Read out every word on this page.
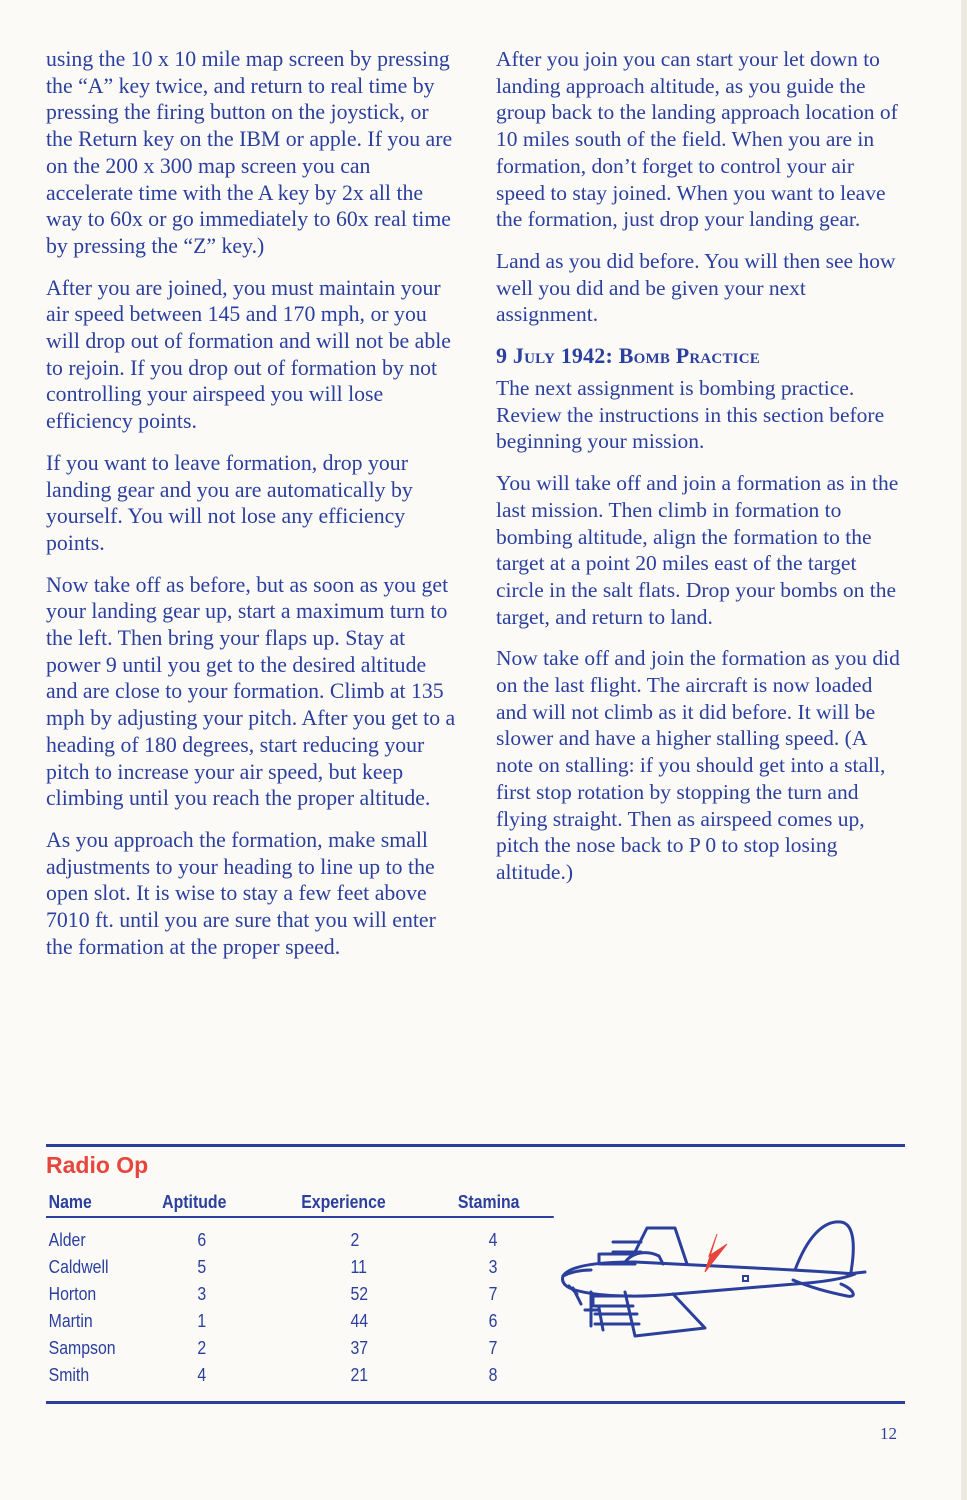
using the 10 x 10 mile map screen by pressing the “A” key twice, and return to real time by pressing the firing button on the joystick, or the Return key on the IBM or apple. If you are on the 200 x 300 map screen you can accelerate time with the A key by 2x all the way to 60x or go immediately to 60x real time by pressing the “Z” key.)

After you are joined, you must maintain your air speed between 145 and 170 mph, or you will drop out of formation and will not be able to rejoin. If you drop out of formation by not controlling your airspeed you will lose efficiency points.

If you want to leave formation, drop your landing gear and you are automatically by yourself. You will not lose any efficiency points.

Now take off as before, but as soon as you get your landing gear up, start a maximum turn to the left. Then bring your flaps up. Stay at power 9 until you get to the desired altitude and are close to your formation. Climb at 135 mph by adjusting your pitch. After you get to a heading of 180 degrees, start reducing your pitch to increase your air speed, but keep climbing until you reach the proper altitude.

As you approach the formation, make small adjustments to your heading to line up to the open slot. It is wise to stay a few feet above 7010 ft. until you are sure that you will enter the formation at the proper speed.

After you join you can start your let down to landing approach altitude, as you guide the group back to the landing approach location of 10 miles south of the field. When you are in formation, don’t forget to control your air speed to stay joined. When you want to leave the formation, just drop your landing gear.

Land as you did before. You will then see how well you did and be given your next assignment.

9 July 1942: Bomb Practice

The next assignment is bombing practice. Review the instructions in this section before beginning your mission.

You will take off and join a formation as in the last mission. Then climb in formation to bombing altitude, align the formation to the target at a point 20 miles east of the target circle in the salt flats. Drop your bombs on the target, and return to land.

Now take off and join the formation as you did on the last flight. The aircraft is now loaded and will not climb as it did before. It will be slower and have a higher stalling speed. (A note on stalling: if you should get into a stall, first stop rotation by stopping the turn and flying straight. Then as airspeed comes up, pitch the nose back to P 0 to stop losing altitude.)

Radio Op
Name	Aptitude	Experience	Stamina
Alder	6	2	4
Caldwell	5	11	3
Horton	3	52	7
Martin	1	44	6
Sampson	2	37	7
Smith	4	21	8
12
